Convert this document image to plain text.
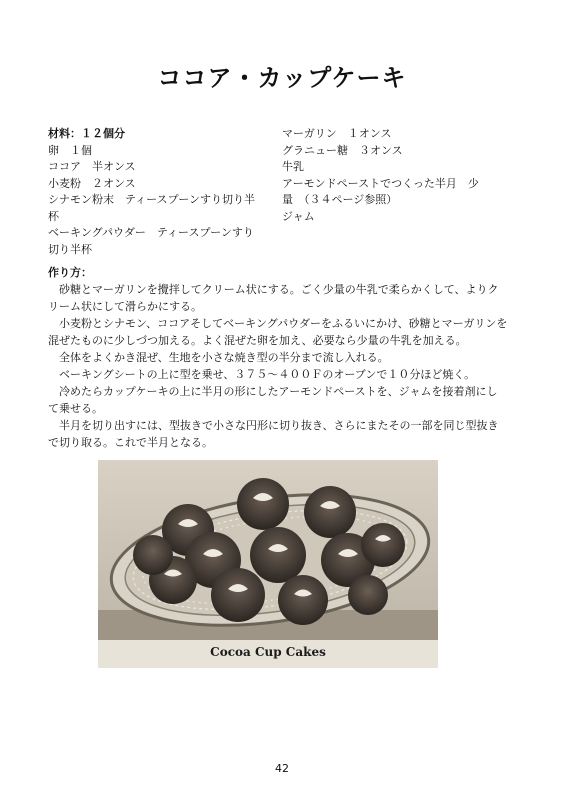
ココア・カップケーキ
材料：１２個分
卵　１個
ココア　半オンス
小麦粉　２オンス
シナモン粉末　ティースプーンすり切り半杯
ベーキングパウダー　ティースプーンすり切り半杯
マーガリン　１オンス
グラニュー糖　３オンス
牛乳
アーモンドペーストでつくった半月　少量　（３４ページ参照）
ジャム
作り方：

砂糖とマーガリンを攪拌してクリーム状にする。ごく少量の牛乳で柔らかくして、よりクリーム状にして滑らかにする。

小麦粉とシナモン、ココアそしてベーキングパウダーをふるいにかけ、砂糖とマーガリンを混ぜたものに少しづつ加える。よく混ぜた卵を加え、必要なら少量の牛乳を加える。

全体をよくかき混ぜ、生地を小さな焼き型の半分まで流し入れる。

ベーキングシートの上に型を乗せ、３７５〜４００Ｆのオーブンで１０分ほど焼く。

冷めたらカップケーキの上に半月の形にしたアーモンドペーストを、ジャムを接着剤にして乗せる。

半月を切り出すには、型抜きで小さな円形に切り抜き、さらにまたその一部を同じ型抜きで切り取る。これで半月となる。

Cocoa Cup Cakes
42
